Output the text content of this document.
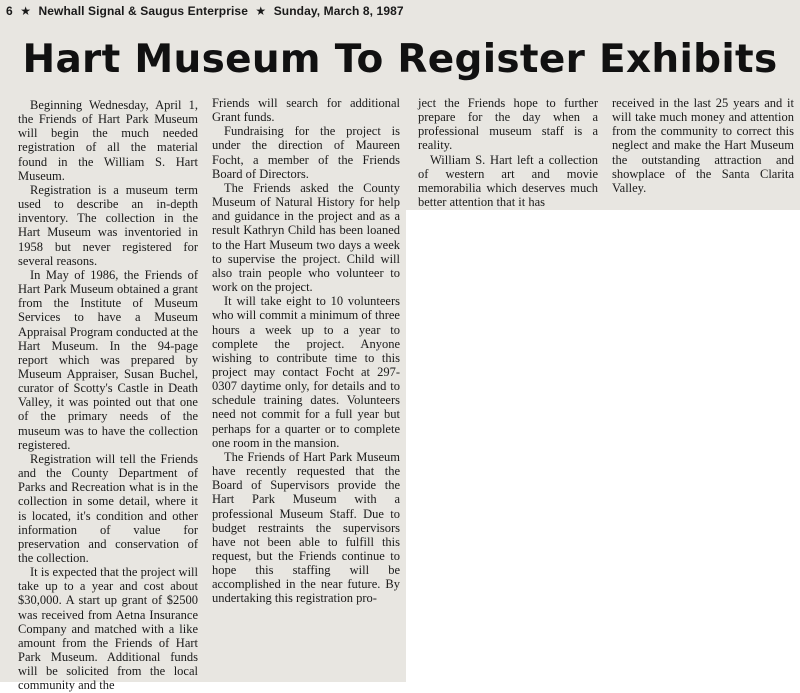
6 ★ Newhall Signal & Saugus Enterprise ★ Sunday, March 8, 1987
Hart Museum To Register Exhibits

Beginning Wednesday, April 1, the Friends of Hart Park Museum will begin the much needed registration of all the material found in the William S. Hart Museum.

Registration is a museum term used to describe an in-depth inventory. The collection in the Hart Museum was inventoried in 1958 but never registered for several reasons.

In May of 1986, the Friends of Hart Park Museum obtained a grant from the Institute of Museum Services to have a Museum Appraisal Program conducted at the Hart Museum. In the 94-page report which was prepared by Museum Appraiser, Susan Buchel, curator of Scotty's Castle in Death Valley, it was pointed out that one of the primary needs of the museum was to have the collection registered.

Registration will tell the Friends and the County Department of Parks and Recreation what is in the collection in some detail, where it is located, it's condition and other information of value for preservation and conservation of the collection.

It is expected that the project will take up to a year and cost about $30,000. A start up grant of $2500 was received from Aetna Insurance Company and matched with a like amount from the Friends of Hart Park Museum. Additional funds will be solicited from the local community and the

Friends will search for additional Grant funds.

Fundraising for the project is under the direction of Maureen Focht, a member of the Friends Board of Directors.

The Friends asked the County Museum of Natural History for help and guidance in the project and as a result Kathryn Child has been loaned to the Hart Museum two days a week to supervise the project. Child will also train people who volunteer to work on the project.

It will take eight to 10 volunteers who will commit a minimum of three hours a week up to a year to complete the project. Anyone wishing to contribute time to this project may contact Focht at 297-0307 daytime only, for details and to schedule training dates. Volunteers need not commit for a full year but perhaps for a quarter or to complete one room in the mansion.

The Friends of Hart Park Museum have recently requested that the Board of Supervisors provide the Hart Park Museum with a professional Museum Staff. Due to budget restraints the supervisors have not been able to fulfill this request, but the Friends continue to hope this staffing will be accomplished in the near future. By undertaking this registration pro-

ject the Friends hope to further prepare for the day when a professional museum staff is a reality.

William S. Hart left a collection of western art and movie memorabilia which deserves much better attention that it has

received in the last 25 years and it will take much money and attention from the community to correct this neglect and make the Hart Museum the outstanding attraction and showplace of the Santa Clarita Valley.
